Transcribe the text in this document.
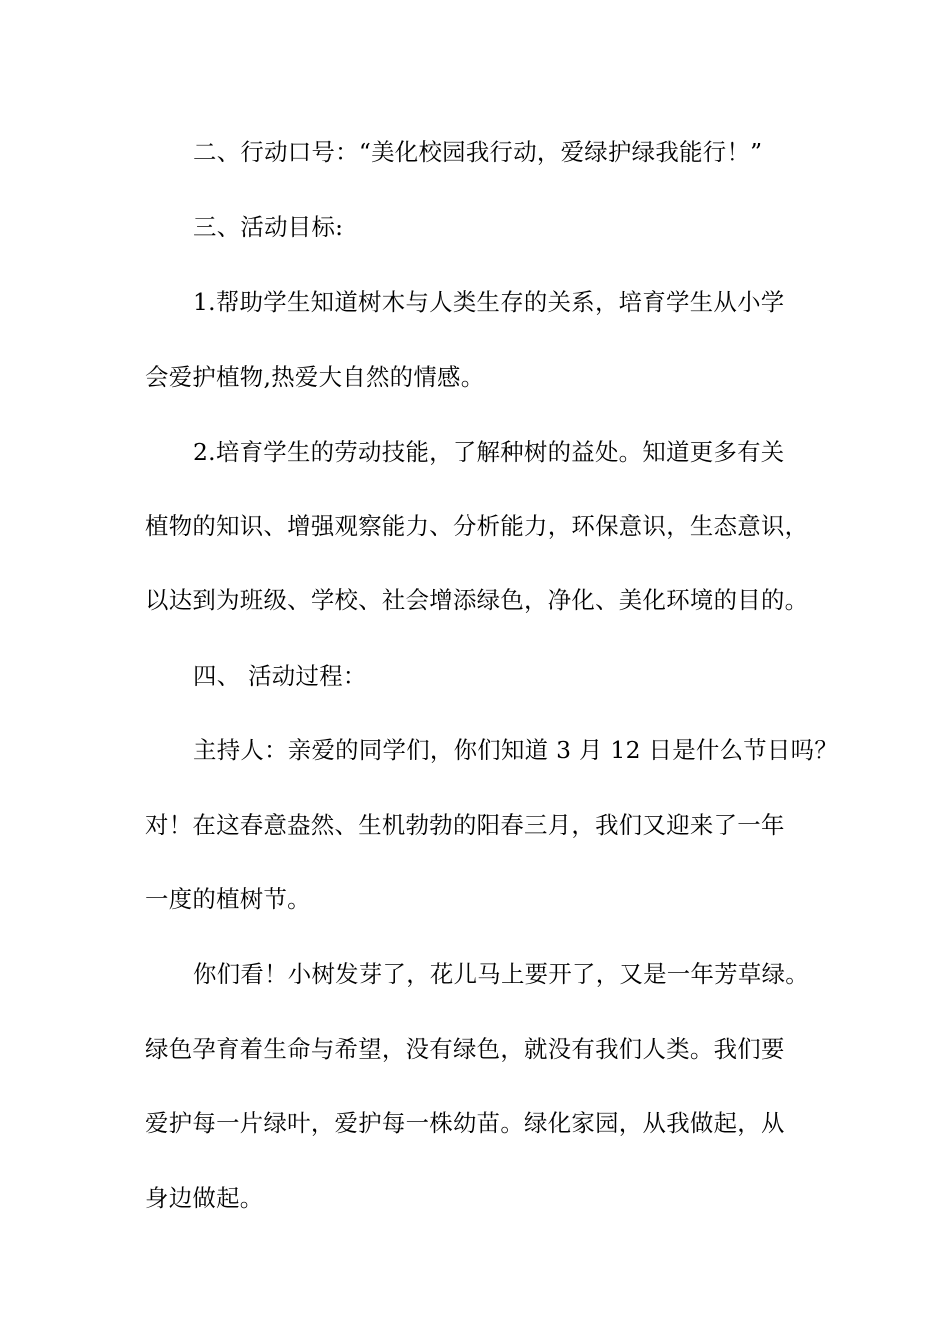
二、行动口号：“美化校园我行动，爱绿护绿我能行！”
三、活动目标:
1.帮助学生知道树木与人类生存的关系，培育学生从小学
会爱护植物,热爱大自然的情感。
2.培育学生的劳动技能，了解种树的益处。知道更多有关
植物的知识、增强观察能力、分析能力，环保意识，生态意识，
以达到为班级、学校、社会增添绿色，净化、美化环境的目的。
四、 活动过程：
主持人：亲爱的同学们，你们知道 3 月 12 日是什么节日吗？
对！在这春意盎然、生机勃勃的阳春三月，我们又迎来了一年
一度的植树节。
你们看！小树发芽了，花儿马上要开了，又是一年芳草绿。
绿色孕育着生命与希望，没有绿色，就没有我们人类。我们要
爱护每一片绿叶，爱护每一株幼苗。绿化家园，从我做起，从
身边做起。
